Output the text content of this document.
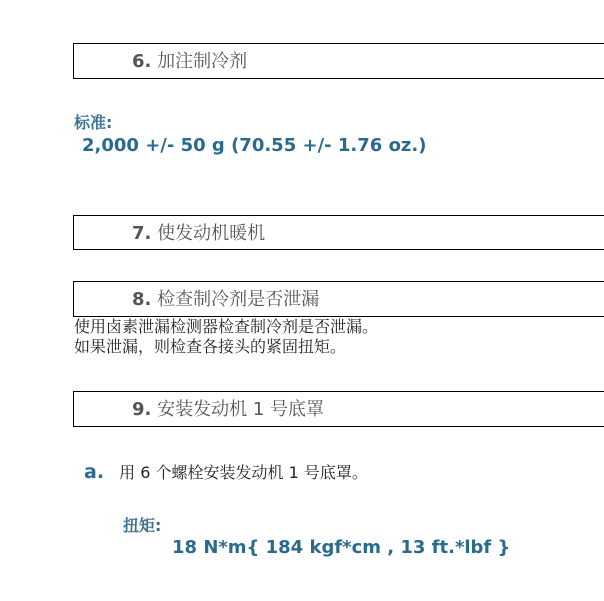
6. 加注制冷剂
标准:
2,000 +/- 50 g (70.55 +/- 1.76 oz.)
7. 使发动机暖机
8. 检查制冷剂是否泄漏
使用卤素泄漏检测器检查制冷剂是否泄漏。
如果泄漏，则检查各接头的紧固扭矩。
9. 安装发动机 1 号底罩
a. 用 6 个螺栓安装发动机 1 号底罩。
扭矩:
18 N*m{ 184 kgf*cm , 13 ft.*lbf }
